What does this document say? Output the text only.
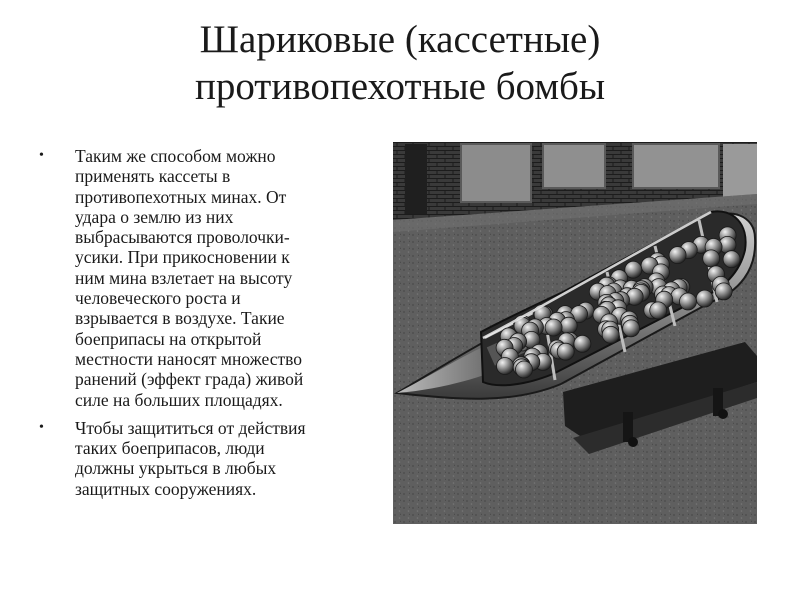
Шариковые (кассетные)
противопехотные бомбы
• Таким же способом можно
применять кассеты в
противопехотных минах. От
удара о землю из них
выбрасываются проволочки-
усики. При прикосновении к
ним мина взлетает на высоту
человеческого роста и
взрывается в воздухе. Такие
боеприпасы на открытой
местности наносят множество
ранений (эффект града) живой
силе на больших площадях.
• Чтобы защититься от действия
таких боеприпасов, люди
должны укрыться в любых
защитных сооружениях.
